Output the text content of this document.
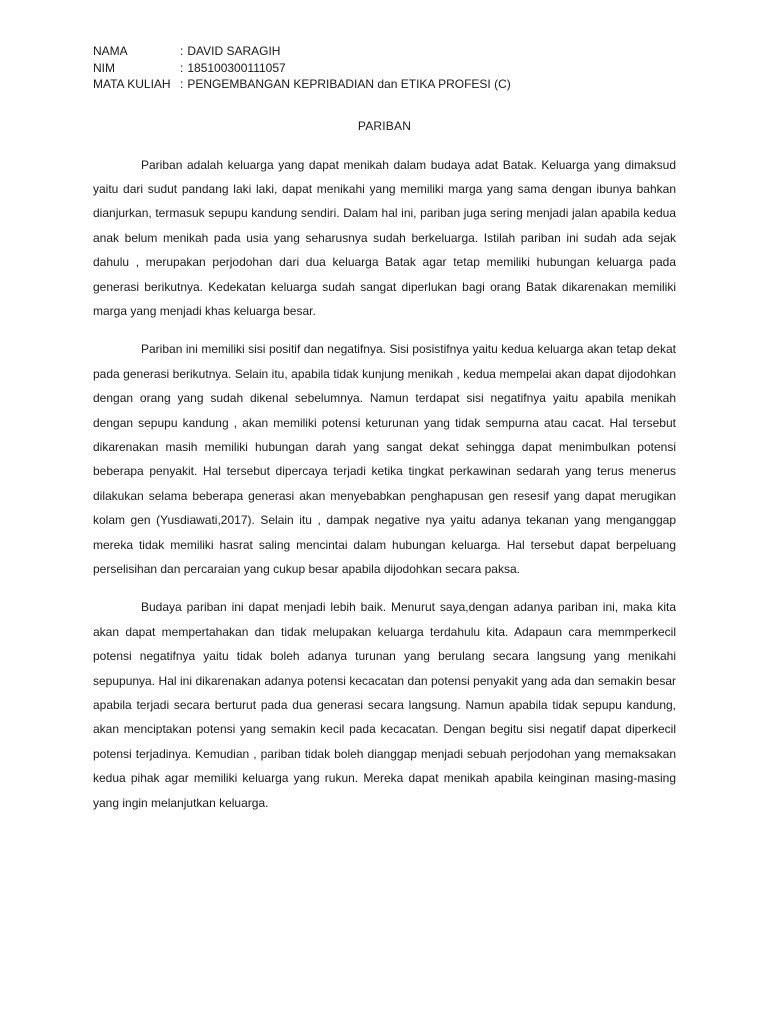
NAMA	: DAVID SARAGIH
NIM	: 185100300111057
MATA KULIAH : PENGEMBANGAN KEPRIBADIAN dan ETIKA PROFESI (C)
PARIBAN

Pariban adalah keluarga yang dapat menikah dalam budaya adat Batak. Keluarga yang dimaksud yaitu dari sudut pandang laki laki, dapat menikahi yang memiliki marga yang sama dengan ibunya bahkan dianjurkan, termasuk sepupu kandung sendiri. Dalam hal ini, pariban juga sering menjadi jalan apabila kedua anak belum menikah pada usia yang seharusnya sudah berkeluarga. Istilah pariban ini sudah ada sejak dahulu , merupakan perjodohan dari dua keluarga Batak agar tetap memiliki hubungan keluarga pada generasi berikutnya. Kedekatan keluarga sudah sangat diperlukan bagi orang Batak dikarenakan memiliki marga yang menjadi khas keluarga besar.

Pariban ini memiliki sisi positif dan negatifnya. Sisi posistifnya yaitu kedua keluarga akan tetap dekat pada generasi berikutnya. Selain itu, apabila tidak kunjung menikah , kedua mempelai akan dapat dijodohkan dengan orang yang sudah dikenal sebelumnya. Namun terdapat sisi negatifnya yaitu apabila menikah dengan sepupu kandung , akan memiliki potensi keturunan yang tidak sempurna atau cacat. Hal tersebut dikarenakan masih memiliki hubungan darah yang sangat dekat sehingga dapat menimbulkan potensi beberapa penyakit. Hal tersebut dipercaya terjadi ketika tingkat perkawinan sedarah yang terus menerus dilakukan selama beberapa generasi akan menyebabkan penghapusan gen resesif yang dapat merugikan kolam gen (Yusdiawati,2017). Selain itu , dampak negative nya yaitu adanya tekanan yang menganggap mereka tidak memiliki hasrat saling mencintai dalam hubungan keluarga. Hal tersebut dapat berpeluang perselisihan dan percaraian yang cukup besar apabila dijodohkan secara paksa.

Budaya pariban ini dapat menjadi lebih baik. Menurut saya,dengan adanya pariban ini, maka kita akan dapat mempertahakan dan tidak melupakan keluarga terdahulu kita. Adapaun cara memmperkecil potensi negatifnya yaitu tidak boleh adanya turunan yang berulang secara langsung yang menikahi sepupunya. Hal ini dikarenakan adanya potensi kecacatan dan potensi penyakit yang ada dan semakin besar apabila terjadi secara berturut pada dua generasi secara langsung. Namun apabila tidak sepupu kandung, akan menciptakan potensi yang semakin kecil pada kecacatan. Dengan begitu sisi negatif dapat diperkecil potensi terjadinya. Kemudian , pariban tidak boleh dianggap menjadi sebuah perjodohan yang memaksakan kedua pihak agar memiliki keluarga yang rukun. Mereka dapat menikah apabila keinginan masing-masing yang ingin melanjutkan keluarga.
